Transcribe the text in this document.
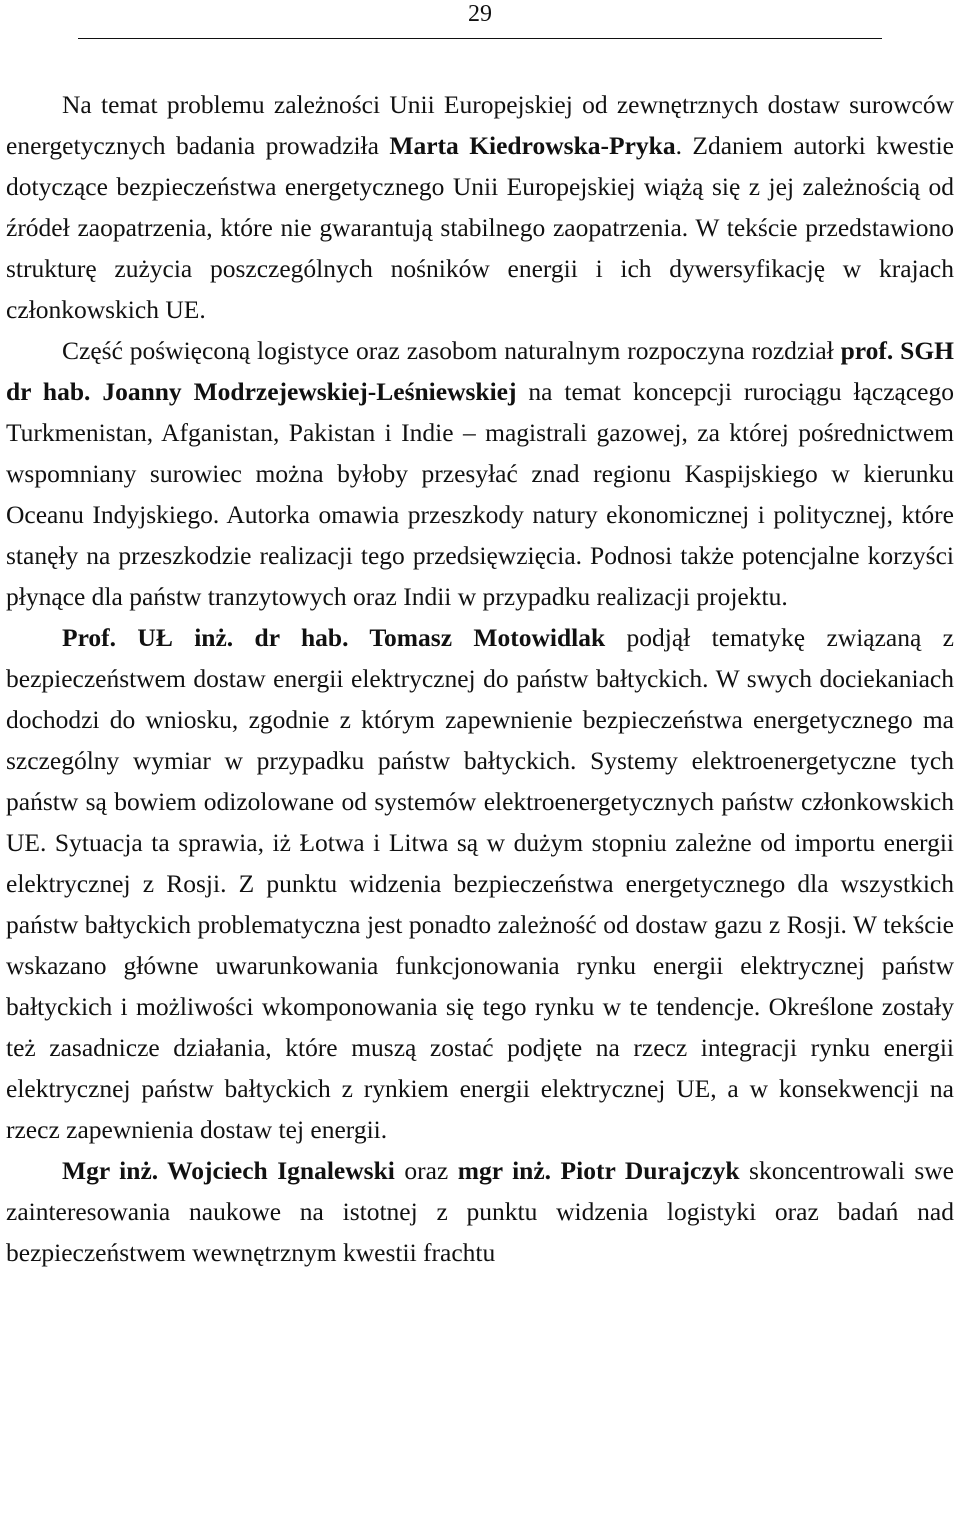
29

Na temat problemu zależności Unii Europejskiej od zewnętrznych dostaw surowców energetycznych badania prowadziła Marta Kiedrowska-Pryka. Zdaniem autorki kwestie dotyczące bezpieczeństwa energetycznego Unii Europejskiej wiążą się z jej zależnością od źródeł zaopatrzenia, które nie gwarantują stabilnego zaopatrzenia. W tekście przedstawiono strukturę zużycia poszczególnych nośników energii i ich dywersyfikację w krajach członkowskich UE.

Część poświęconą logistyce oraz zasobom naturalnym rozpoczyna rozdział prof. SGH dr hab. Joanny Modrzejewskiej-Leśniewskiej na temat koncepcji rurociągu łączącego Turkmenistan, Afganistan, Pakistan i Indie – magistrali gazowej, za której pośrednictwem wspomniany surowiec można byłoby przesyłać znad regionu Kaspijskiego w kierunku Oceanu Indyjskiego. Autorka omawia przeszkody natury ekonomicznej i politycznej, które stanęły na przeszkodzie realizacji tego przedsięwzięcia. Podnosi także potencjalne korzyści płynące dla państw tranzytowych oraz Indii w przypadku realizacji projektu.

Prof. UŁ inż. dr hab. Tomasz Motowidlak podjął tematykę związaną z bezpieczeństwem dostaw energii elektrycznej do państw bałtyckich. W swych dociekaniach dochodzi do wniosku, zgodnie z którym zapewnienie bezpieczeństwa energetycznego ma szczególny wymiar w przypadku państw bałtyckich. Systemy elektroenergetyczne tych państw są bowiem odizolowane od systemów elektroenergetycznych państw członkowskich UE. Sytuacja ta sprawia, iż Łotwa i Litwa są w dużym stopniu zależne od importu energii elektrycznej z Rosji. Z punktu widzenia bezpieczeństwa energetycznego dla wszystkich państw bałtyckich problematyczna jest ponadto zależność od dostaw gazu z Rosji. W tekście wskazano główne uwarunkowania funkcjonowania rynku energii elektrycznej państw bałtyckich i możliwości wkomponowania się tego rynku w te tendencje. Określone zostały też zasadnicze działania, które muszą zostać podjęte na rzecz integracji rynku energii elektrycznej państw bałtyckich z rynkiem energii elektrycznej UE, a w konsekwencji na rzecz zapewnienia dostaw tej energii.

Mgr inż. Wojciech Ignalewski oraz mgr inż. Piotr Durajczyk skoncentrowali swe zainteresowania naukowe na istotnej z punktu widzenia logistyki oraz badań nad bezpieczeństwem wewnętrznym kwestii frachtu
